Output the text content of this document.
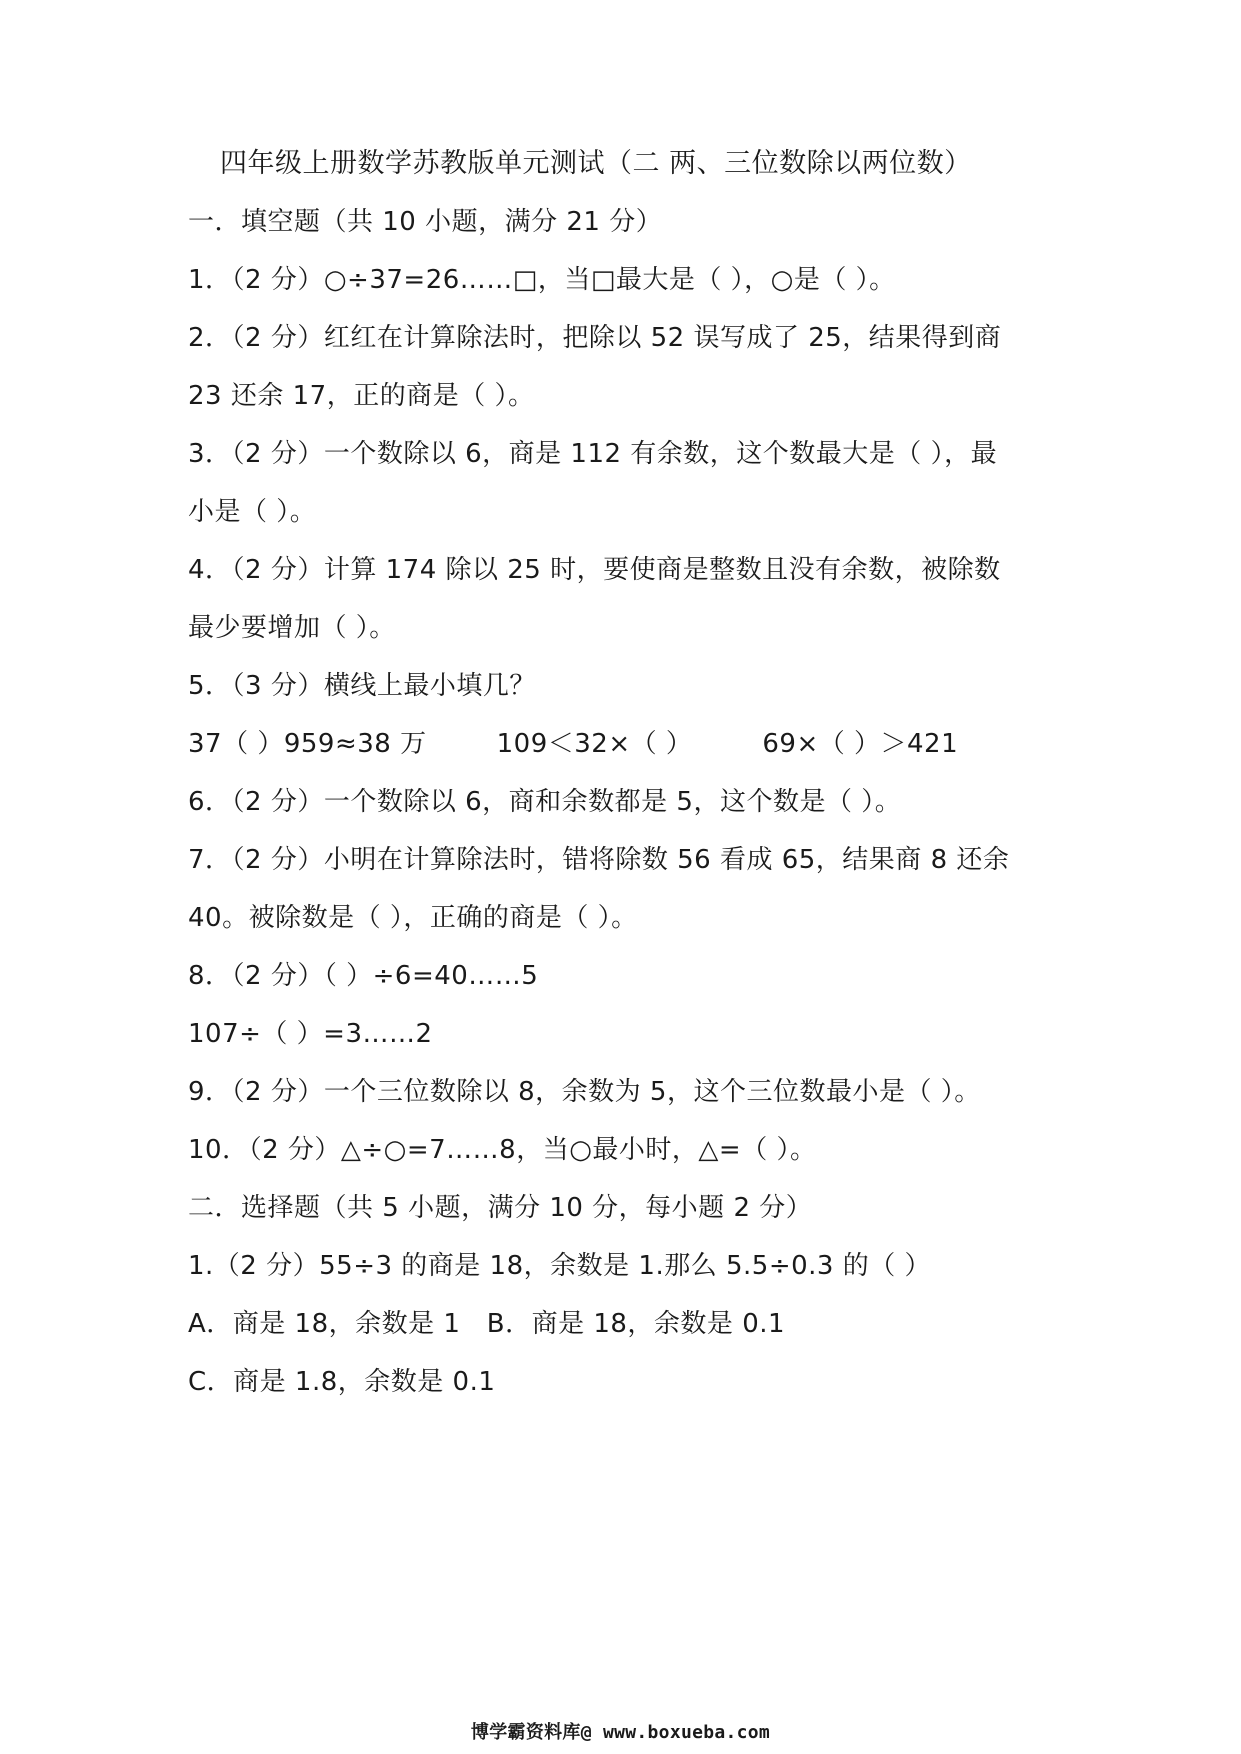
四年级上册数学苏教版单元测试（二 两、三位数除以两位数）
一．填空题（共 10 小题，满分 21 分）
1．（2 分）○÷37=26……□，当□最大是（ ），○是（ ）。
2．（2 分）红红在计算除法时，把除以 52 误写成了 25，结果得到商
23 还余 17，正的商是（ ）。
3．（2 分）一个数除以 6，商是 112 有余数，这个数最大是（ ），最
小是（ ）。
4．（2 分）计算 174 除以 25 时，要使商是整数且没有余数，被除数
最少要增加（ ）。
5．（3 分）横线上最小填几？
37（ ）959≈38 万	109＜32×（ ）	69×（ ）＞421
6．（2 分）一个数除以 6，商和余数都是 5，这个数是（ ）。
7．（2 分）小明在计算除法时，错将除数 56 看成 65，结果商 8 还余
40。被除数是（ ），正确的商是（ ）。
8．（2 分）（ ）÷6=40……5
107÷（ ）=3……2
9．（2 分）一个三位数除以 8，余数为 5，这个三位数最小是（ ）。
10．（2 分）△÷○=7……8，当○最小时，△=（ ）。
二．选择题（共 5 小题，满分 10 分，每小题 2 分）
1.（2 分）55÷3 的商是 18，余数是 1.那么 5.5÷0.3 的（ ）
A．商是 18，余数是 1 B．商是 18，余数是 0.1
C．商是 1.8，余数是 0.1
博学霸资料库@ www.boxueba.com
